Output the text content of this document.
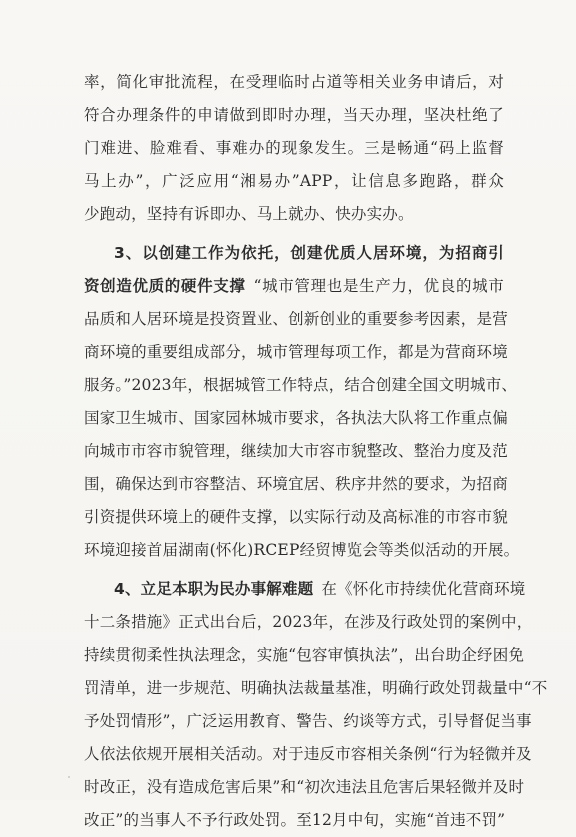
率，简化审批流程，在受理临时占道等相关业务申请后，对
符合办理条件的申请做到即时办理，当天办理，坚决杜绝了
门难进、脸难看、事难办的现象发生。三是畅通“码上监督
马上办”，广泛应用“湘易办”APP，让信息多跑路，群众
少跑动，坚持有诉即办、马上就办、快办实办。
3、以创建工作为依托，创建优质人居环境，为招商引
资创造优质的硬件支撑 “城市管理也是生产力，优良的城市
品质和人居环境是投资置业、创新创业的重要参考因素，是营
商环境的重要组成部分，城市管理每项工作，都是为营商环境
服务。”2023年，根据城管工作特点，结合创建全国文明城市、
国家卫生城市、国家园林城市要求，各执法大队将工作重点偏
向城市市容市貌管理，继续加大市容市貌整改、整治力度及范
围，确保达到市容整洁、环境宜居、秩序井然的要求，为招商
引资提供环境上的硬件支撑，以实际行动及高标准的市容市貌
环境迎接首届湖南(怀化)RCEP经贸博览会等类似活动的开展。
4、立足本职为民办事解难题 在《怀化市持续优化营商环境
十二条措施》正式出台后，2023年，在涉及行政处罚的案例中，
持续贯彻柔性执法理念，实施“包容审慎执法”，出台助企纾困免
罚清单，进一步规范、明确执法裁量基准，明确行政处罚裁量中“不
予处罚情形”，广泛运用教育、警告、约谈等方式，引导督促当事
人依法依规开展相关活动。对于违反市容相关条例“行为轻微并及
时改正，没有造成危害后果”和“初次违法且危害后果轻微并及时
改正”的当事人不予行政处罚。至12月中旬，实施“首违不罚”
